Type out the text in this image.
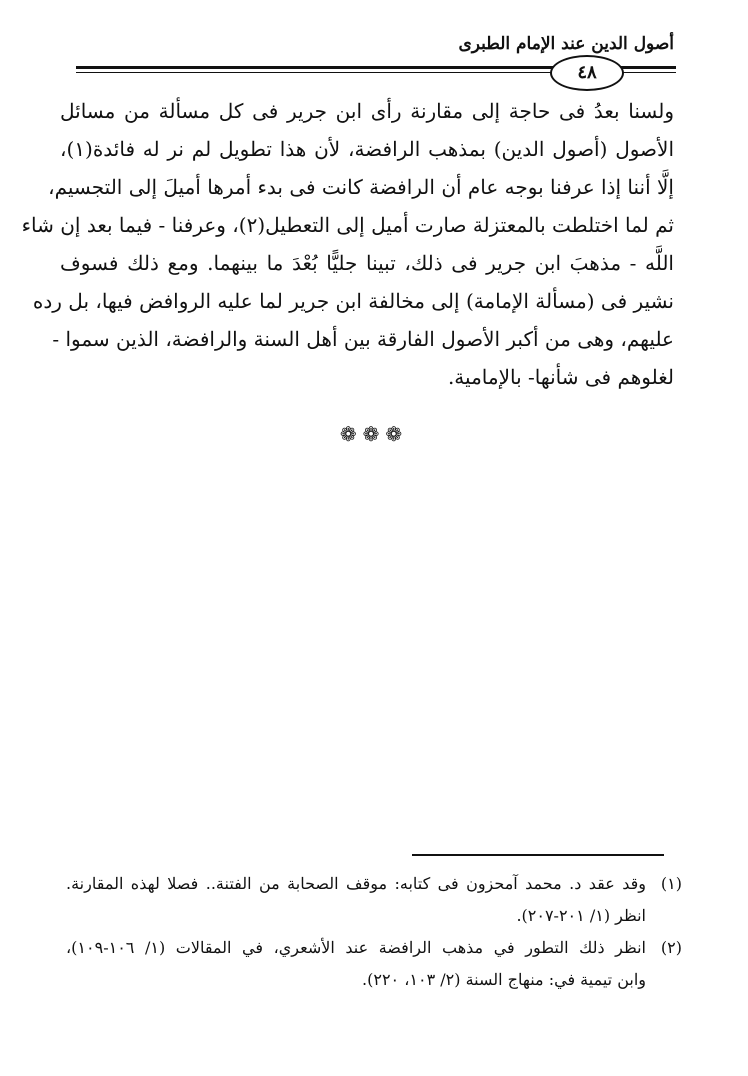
أصول الدين عند الإمام الطبرى
٤٨
ولسنا بعدُ فى حاجة إلى مقارنة رأى ابن جرير فى كل مسألة من مسائل
الأصول (أصول الدين) بمذهب الرافضة، لأن هذا تطويل لم نر له فائدة(١)،
إلَّا أننا إذا عرفنا بوجه عام أن الرافضة كانت فى بدء أمرها أميلَ إلى التجسيم،
ثم لما اختلطت بالمعتزلة صارت أميل إلى التعطيل(٢)، وعرفنا - فيما بعد إن شاء
اللَّه - مذهبَ ابن جرير فى ذلك، تبينا جليًّا بُعْدَ ما بينهما. ومع ذلك فسوف
نشير فى (مسألة الإمامة) إلى مخالفة ابن جرير لما عليه الروافض فيها، بل رده
عليهم، وهى من أكبر الأصول الفارقة بين أهل السنة والرافضة، الذين سموا -
لغلوهم فى شأنها- بالإمامية.
❁❁❁
(١)
وقد عقد د. محمد آمحزون فى كتابه: موقف الصحابة من الفتنة.. فصلا لهذه المقارنة.
انظر (١/ ٢٠١-٢٠٧).
(٢)
انظر ذلك التطور في مذهب الرافضة عند الأشعري، في المقالات (١/ ١٠٦-١٠٩)،
وابن تيمية في: منهاج السنة (٢/ ١٠٣، ٢٢٠).
